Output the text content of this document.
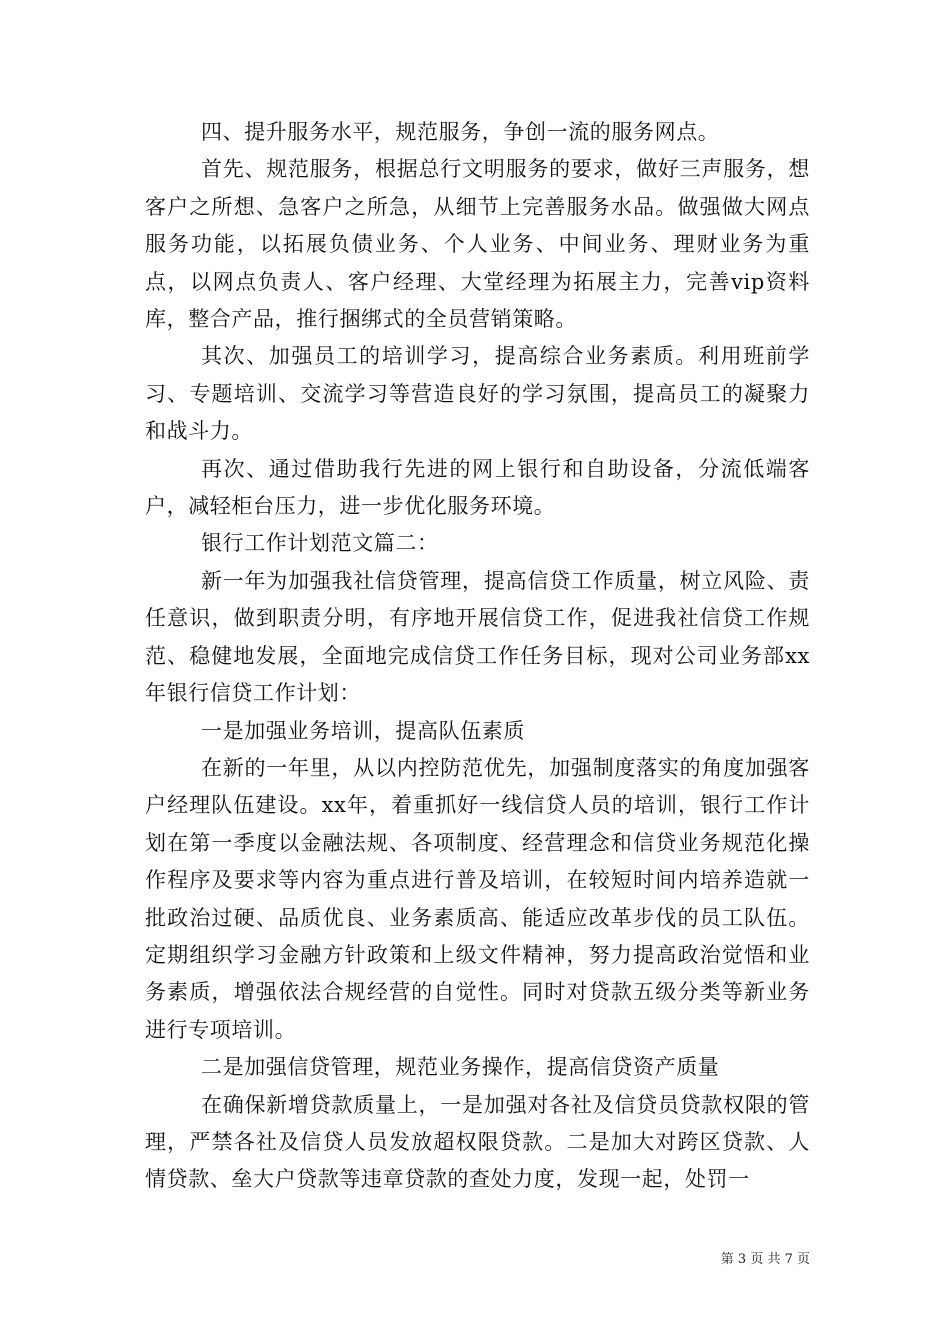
四、提升服务水平，规范服务，争创一流的服务网点。

首先、规范服务，根据总行文明服务的要求，做好三声服务，想客户之所想、急客户之所急，从细节上完善服务水品。做强做大网点服务功能，以拓展负债业务、个人业务、中间业务、理财业务为重点，以网点负责人、客户经理、大堂经理为拓展主力，完善vip资料库，整合产品，推行捆绑式的全员营销策略。

其次、加强员工的培训学习，提高综合业务素质。利用班前学习、专题培训、交流学习等营造良好的学习氛围，提高员工的凝聚力和战斗力。

再次、通过借助我行先进的网上银行和自助设备，分流低端客户，减轻柜台压力，进一步优化服务环境。

银行工作计划范文篇二：

新一年为加强我社信贷管理，提高信贷工作质量，树立风险、责任意识，做到职责分明，有序地开展信贷工作，促进我社信贷工作规范、稳健地发展，全面地完成信贷工作任务目标，现对公司业务部xx年银行信贷工作计划：

一是加强业务培训，提高队伍素质

在新的一年里，从以内控防范优先，加强制度落实的角度加强客户经理队伍建设。xx年，着重抓好一线信贷人员的培训，银行工作计划在第一季度以金融法规、各项制度、经营理念和信贷业务规范化操作程序及要求等内容为重点进行普及培训，在较短时间内培养造就一批政治过硬、品质优良、业务素质高、能适应改革步伐的员工队伍。定期组织学习金融方针政策和上级文件精神，努力提高政治觉悟和业务素质，增强依法合规经营的自觉性。同时对贷款五级分类等新业务进行专项培训。

二是加强信贷管理，规范业务操作，提高信贷资产质量

在确保新增贷款质量上，一是加强对各社及信贷员贷款权限的管理，严禁各社及信贷人员发放超权限贷款。二是加大对跨区贷款、人情贷款、垒大户贷款等违章贷款的查处力度，发现一起，处罚一

第 3 页 共 7 页
